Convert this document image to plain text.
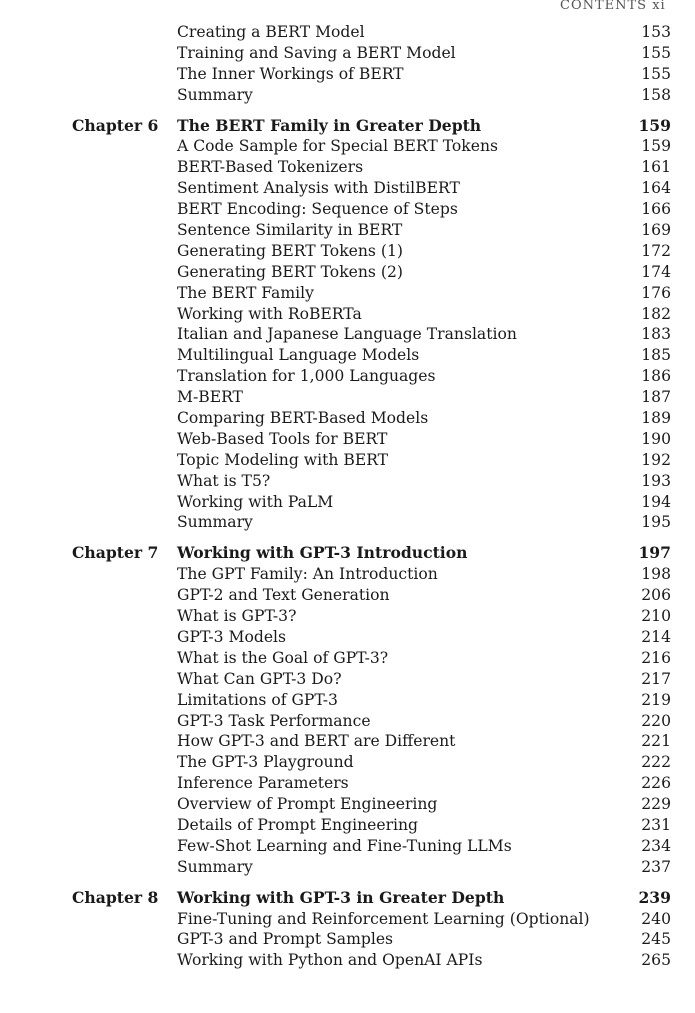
CONTENTS xi
Creating a BERT Model	153
Training and Saving a BERT Model	155
The Inner Workings of BERT	155
Summary	158
Chapter 6 The BERT Family in Greater Depth	159
A Code Sample for Special BERT Tokens	159
BERT-Based Tokenizers	161
Sentiment Analysis with DistilBERT	164
BERT Encoding: Sequence of Steps	166
Sentence Similarity in BERT	169
Generating BERT Tokens (1)	172
Generating BERT Tokens (2)	174
The BERT Family	176
Working with RoBERTa	182
Italian and Japanese Language Translation	183
Multilingual Language Models	185
Translation for 1,000 Languages	186
M-BERT	187
Comparing BERT-Based Models	189
Web-Based Tools for BERT	190
Topic Modeling with BERT	192
What is T5?	193
Working with PaLM	194
Summary	195
Chapter 7 Working with GPT-3 Introduction	197
The GPT Family: An Introduction	198
GPT-2 and Text Generation	206
What is GPT-3?	210
GPT-3 Models	214
What is the Goal of GPT-3?	216
What Can GPT-3 Do?	217
Limitations of GPT-3	219
GPT-3 Task Performance	220
How GPT-3 and BERT are Different	221
The GPT-3 Playground	222
Inference Parameters	226
Overview of Prompt Engineering	229
Details of Prompt Engineering	231
Few-Shot Learning and Fine-Tuning LLMs	234
Summary	237
Chapter 8 Working with GPT-3 in Greater Depth	239
Fine-Tuning and Reinforcement Learning (Optional)	240
GPT-3 and Prompt Samples	245
Working with Python and OpenAI APIs	265
